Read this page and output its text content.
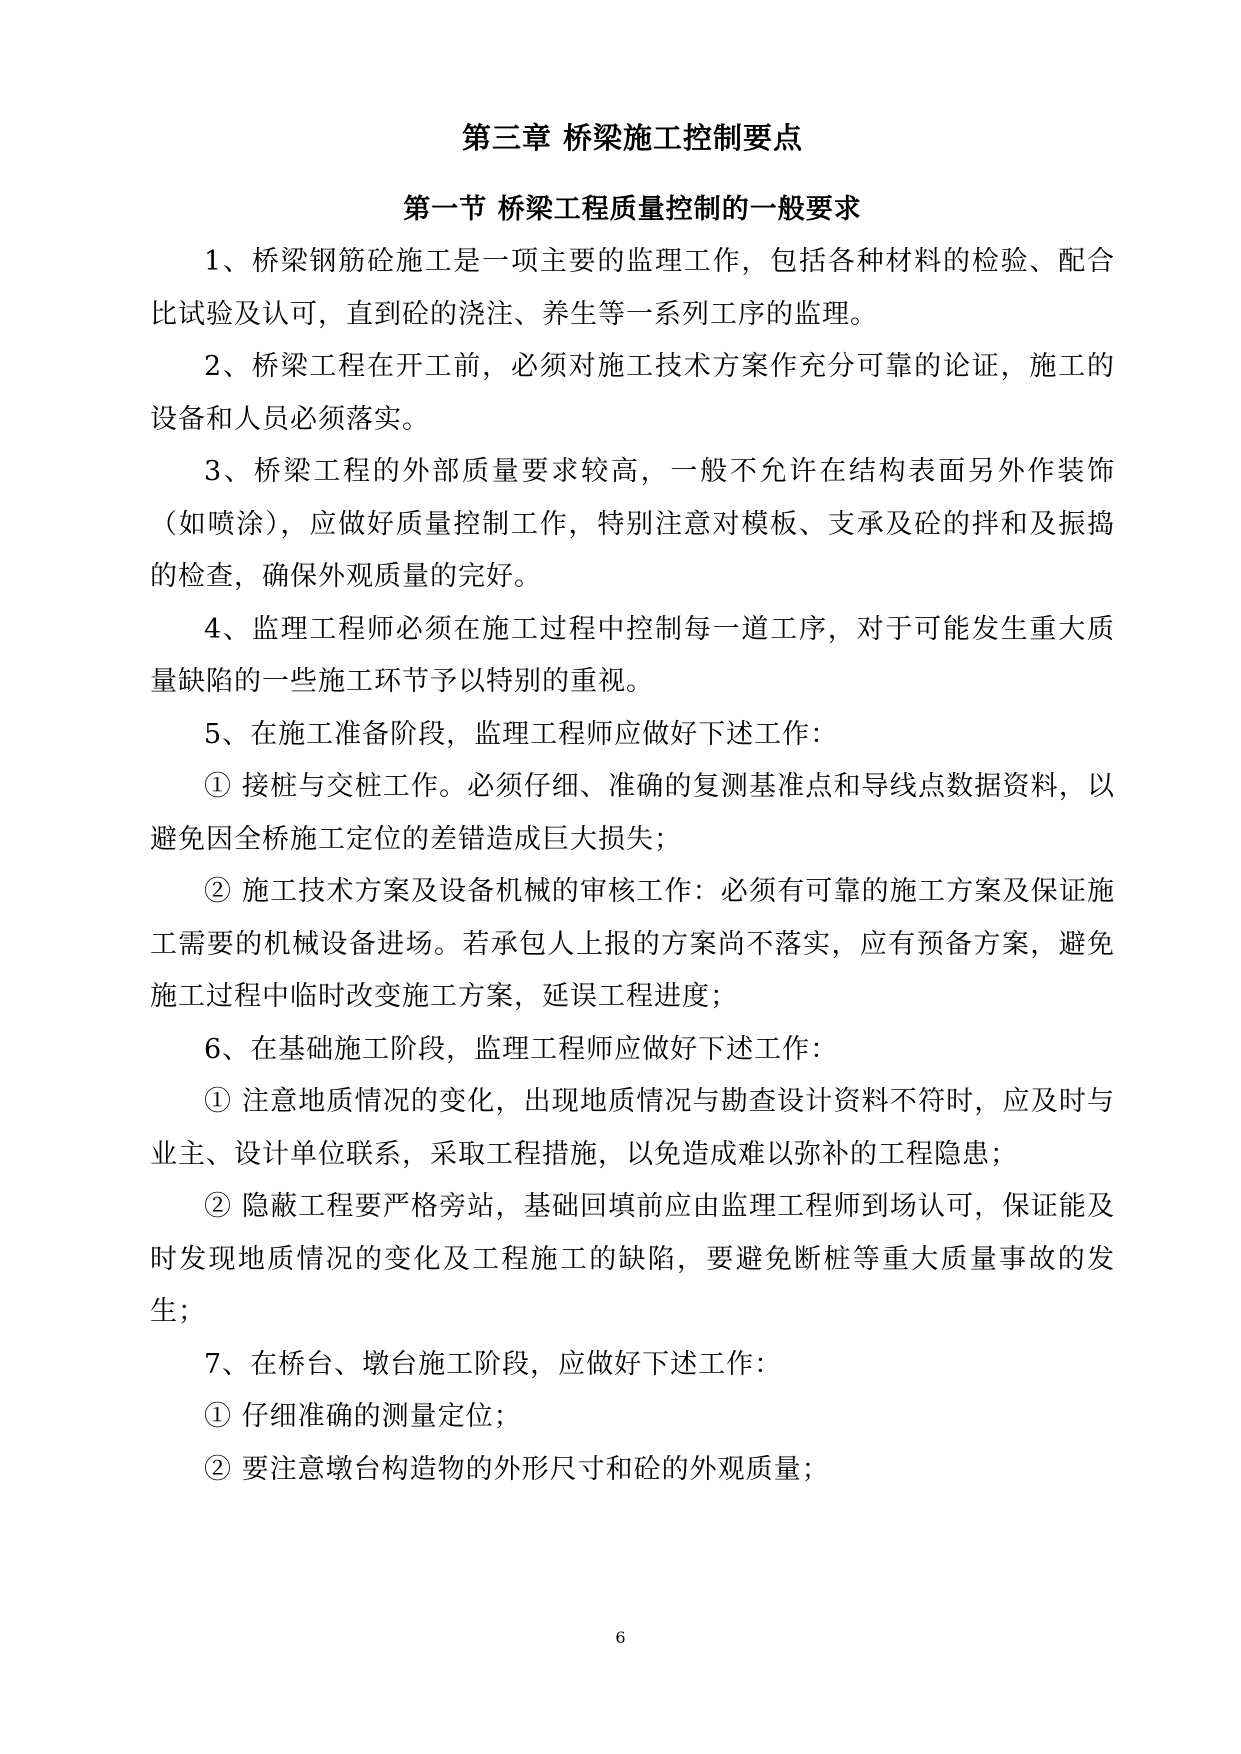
第三章 桥梁施工控制要点
第一节 桥梁工程质量控制的一般要求

1、桥梁钢筋砼施工是一项主要的监理工作，包括各种材料的检验、配合比试验及认可，直到砼的浇注、养生等一系列工序的监理。

2、桥梁工程在开工前，必须对施工技术方案作充分可靠的论证，施工的设备和人员必须落实。

3、桥梁工程的外部质量要求较高，一般不允许在结构表面另外作装饰（如喷涂），应做好质量控制工作，特别注意对模板、支承及砼的拌和及振捣的检查，确保外观质量的完好。

4、监理工程师必须在施工过程中控制每一道工序，对于可能发生重大质量缺陷的一些施工环节予以特别的重视。

5、在施工准备阶段，监理工程师应做好下述工作：

① 接桩与交桩工作。必须仔细、准确的复测基准点和导线点数据资料，以避免因全桥施工定位的差错造成巨大损失；

② 施工技术方案及设备机械的审核工作：必须有可靠的施工方案及保证施工需要的机械设备进场。若承包人上报的方案尚不落实，应有预备方案，避免施工过程中临时改变施工方案，延误工程进度；

6、在基础施工阶段，监理工程师应做好下述工作：

① 注意地质情况的变化，出现地质情况与勘查设计资料不符时，应及时与业主、设计单位联系，采取工程措施，以免造成难以弥补的工程隐患；

② 隐蔽工程要严格旁站，基础回填前应由监理工程师到场认可，保证能及时发现地质情况的变化及工程施工的缺陷，要避免断桩等重大质量事故的发生；

7、在桥台、墩台施工阶段，应做好下述工作：

① 仔细准确的测量定位；

② 要注意墩台构造物的外形尺寸和砼的外观质量；

6
